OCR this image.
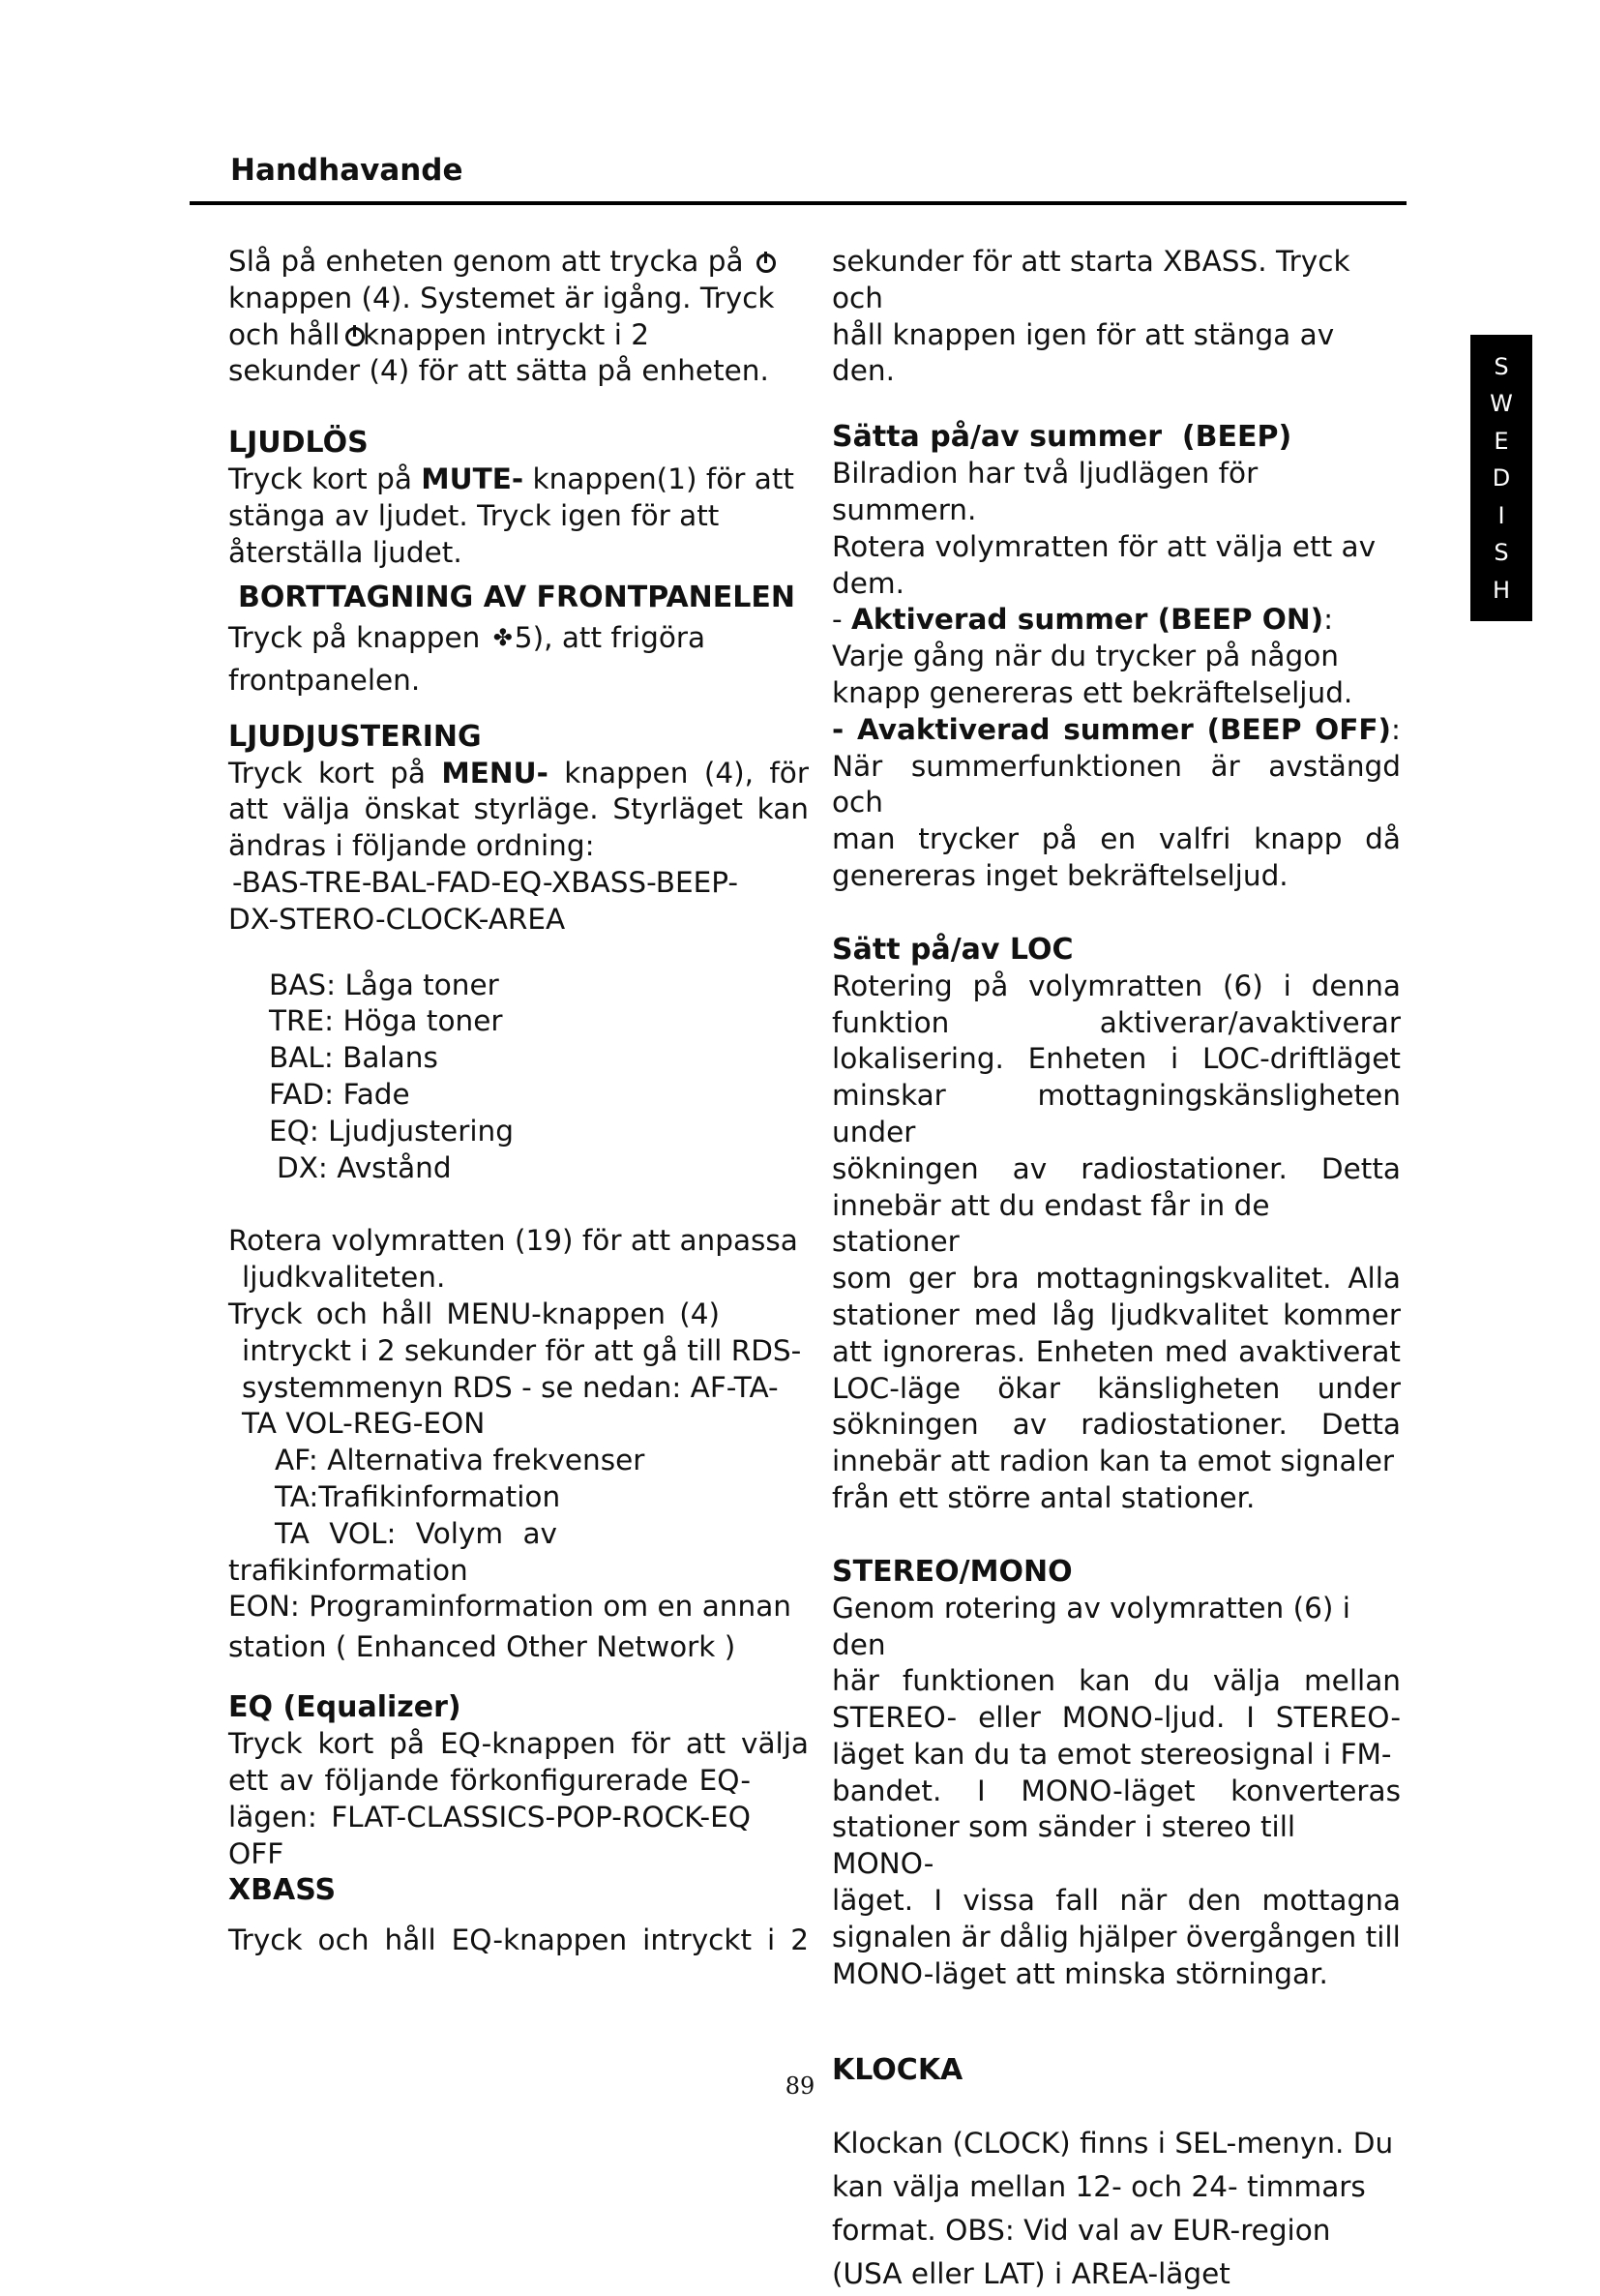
Handhavande
S
W
E
D
I
S
H

Slå på enheten genom att trycka på

knappen (4). Systemet är igång. Tryck

och håll knappen intryckt i 2

sekunder (4) för att sätta på enheten.

LJUDLÖS

Tryck kort på MUTE- knappen(1) för att

stänga av ljudet. Tryck igen för att

återställa ljudet.

BORTTAGNING AV FRONTPANELEN

Tryck på knappen ✤5), att frigöra

frontpanelen.

LJUDJUSTERING

Tryck kort på MENU- knappen (4), för

att välja önskat styrläge. Styrläget kan

ändras i följande ordning:

-BAS-TRE-BAL-FAD-EQ-XBASS-BEEP-

DX-STERO-CLOCK-AREA

BAS: Låga toner

TRE: Höga toner

BAL: Balans

FAD: Fade

EQ: Ljudjustering

DX: Avstånd

Rotera volymratten (19) för att anpassa

ljudkvaliteten.

Tryck och håll MENU-knappen (4)

intryckt i 2 sekunder för att gå till RDS-

systemmenyn RDS - se nedan: AF-TA-

TA VOL-REG-EON

AF: Alternativa frekvenser

TA:Trafikinformation

TA VOL: Volym av

trafikinformation

EON: Programinformation om en annan

station ( Enhanced Other Network )

EQ (Equalizer)

Tryck kort på EQ-knappen för att välja

ett av följande förkonfigurerade EQ-

lägen: FLAT-CLASSICS-POP-ROCK-EQ

OFF

XBASS

Tryck och håll EQ-knappen intryckt i 2

sekunder för att starta XBASS. Tryck och

håll knappen igen för att stänga av den.

Sätta på/av summer  (BEEP)

Bilradion har två ljudlägen för summern.

Rotera volymratten för att välja ett av

dem.

- Aktiverad summer (BEEP ON):

Varje gång när du trycker på någon

knapp genereras ett bekräftelseljud.

- Avaktiverad summer (BEEP OFF):

När summerfunktionen är avstängd och

man trycker på en valfri knapp då

genereras inget bekräftelseljud.

Sätt på/av LOC

Rotering på volymratten (6) i denna

funktion aktiverar/avaktiverar

lokalisering. Enheten i LOC-driftläget

minskar mottagningskänsligheten under

sökningen av radiostationer. Detta

innebär att du endast får in de stationer

som ger bra mottagningskvalitet. Alla

stationer med låg ljudkvalitet kommer

att ignoreras. Enheten med avaktiverat

LOC-läge ökar känsligheten under

sökningen av radiostationer. Detta

innebär att radion kan ta emot signaler

från ett större antal stationer.

STEREO/MONO

Genom rotering av volymratten (6) i den

här funktionen kan du välja mellan

STEREO- eller MONO-ljud. I STEREO-

läget kan du ta emot stereosignal i FM-

bandet. I MONO-läget konverteras

stationer som sänder i stereo till MONO-

läget. I vissa fall när den mottagna

signalen är dålig hjälper övergången till

MONO-läget att minska störningar.

KLOCKA

Klockan (CLOCK) finns i SEL-menyn. Du

kan välja mellan 12- och 24- timmars

format. OBS: Vid val av EUR-region

(USA eller LAT) i AREA-läget

89
